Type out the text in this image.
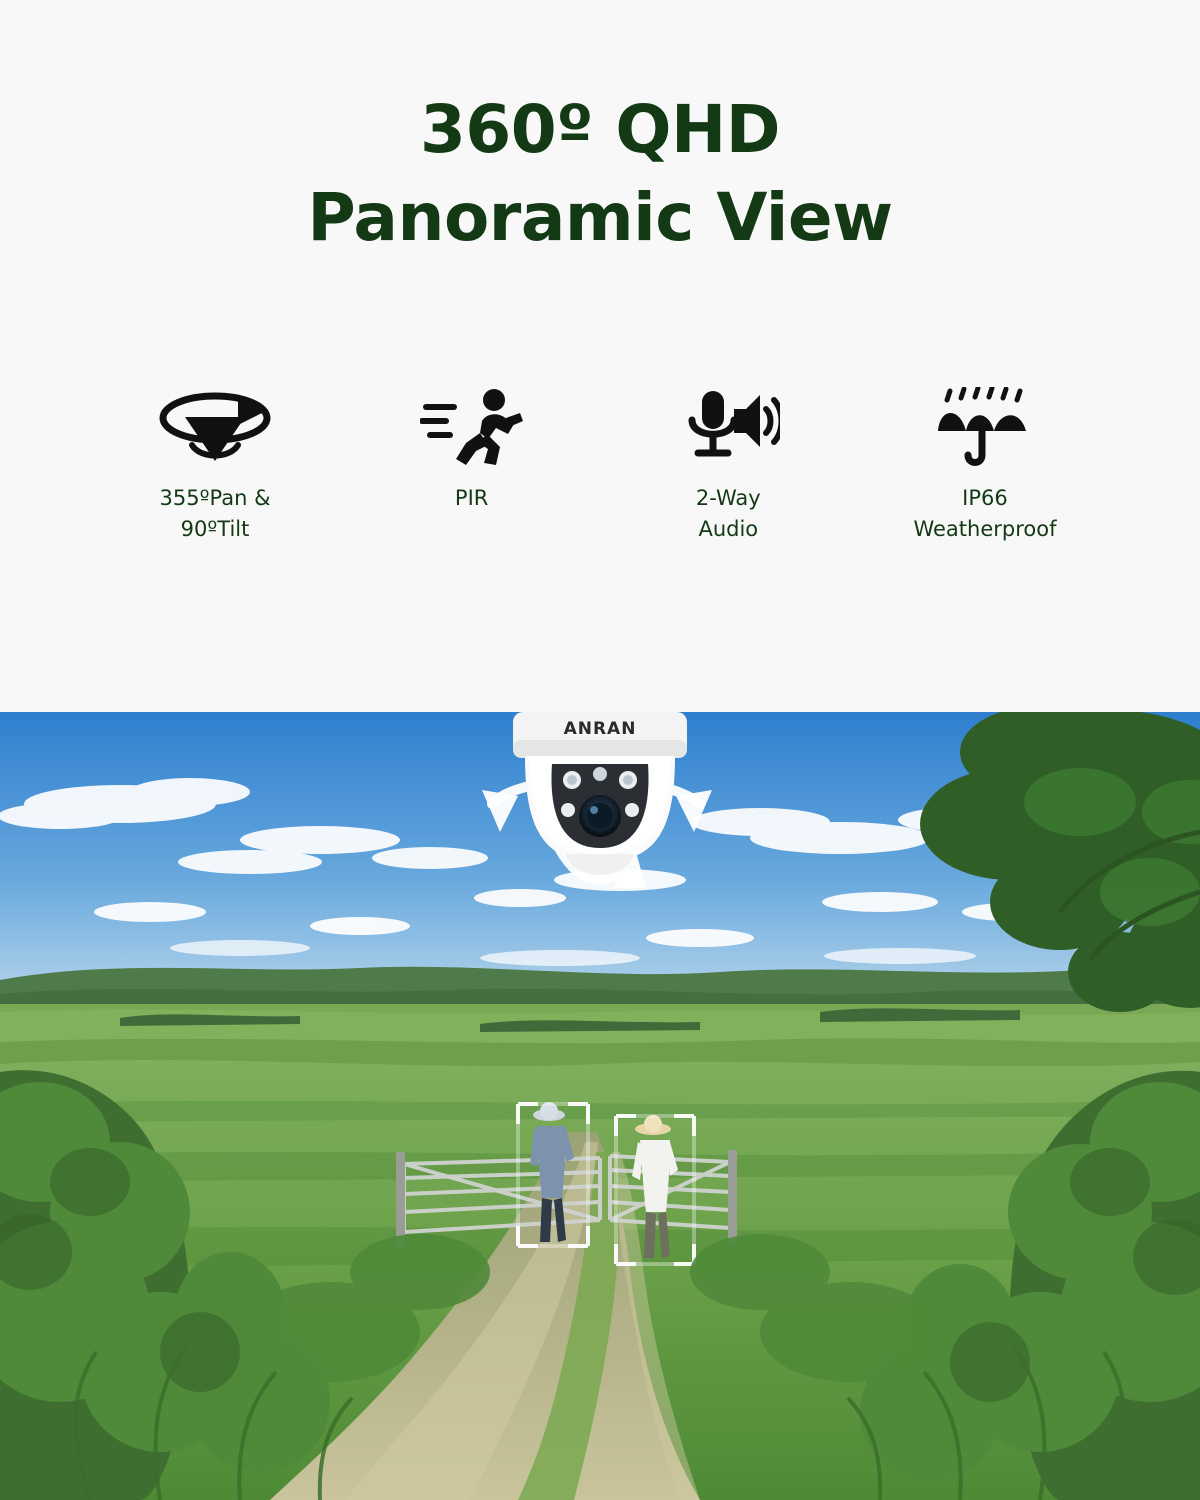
360º QHD
Panoramic View
355ºPan &
90ºTilt
PIR	2-Way
Audio
IP66
Weatherproof
ANRAN
